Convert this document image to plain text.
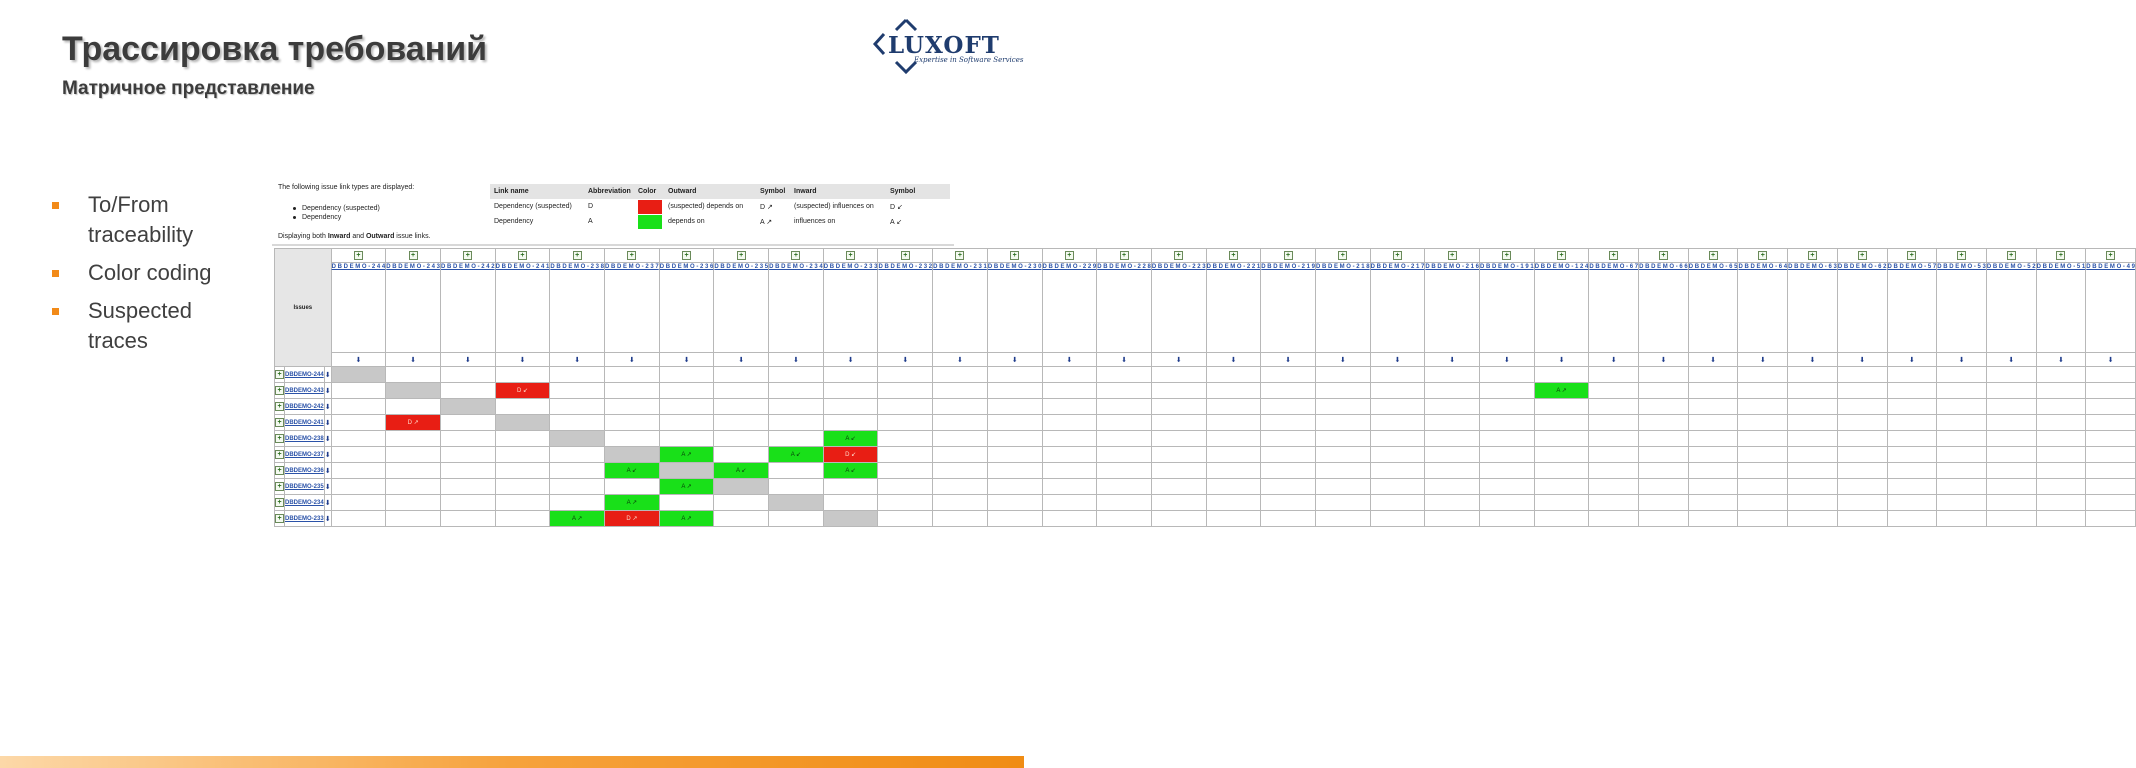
Трассировка требований
Матричное представление
LUXOFT
Expertise in Software Services
To/From traceability
Color coding
Suspected traces
The following issue link types are displayed:
Dependency (suspected)
Dependency
Displaying both Inward and Outward issue links.
Link name	Abbreviation	Color	Outward	Symbol	Inward	Symbol
Dependency (suspected)	D		(suspected) depends on	D ↗	(suspected) influences on	D ↙
Dependency	A		depends on	A ↗	influences on	A ↙
Issues			+	+	+	+	+	+	+	+	+	+	+	+	+	+	+	+	+	+	+	+	+	+	+	+	+	+	+	+	+	+	+	+	+	+
			D B D E M O - 2 4 4	D B D E M O - 2 4 3	D B D E M O - 2 4 2	D B D E M O - 2 4 1	D B D E M O - 2 3 8	D B D E M O - 2 3 7	D B D E M O - 2 3 6	D B D E M O - 2 3 5	D B D E M O - 2 3 4	D B D E M O - 2 3 3	D B D E M O - 2 3 2	D B D E M O - 2 3 1	D B D E M O - 2 3 0	D B D E M O - 2 2 9	D B D E M O - 2 2 8	D B D E M O - 2 2 3	D B D E M O - 2 2 1	D B D E M O - 2 1 9	D B D E M O - 2 1 8	D B D E M O - 2 1 7	D B D E M O - 2 1 6	D B D E M O - 1 9 1	D B D E M O - 1 2 4	D B D E M O - 6 7	D B D E M O - 6 6	D B D E M O - 6 5	D B D E M O - 6 4	D B D E M O - 6 3	D B D E M O - 6 2	D B D E M O - 5 7	D B D E M O - 5 3	D B D E M O - 5 2	D B D E M O - 5 1	D B D E M O - 4 9
			⬇	⬇	⬇	⬇	⬇	⬇	⬇	⬇	⬇	⬇	⬇	⬇	⬇	⬇	⬇	⬇	⬇	⬇	⬇	⬇	⬇	⬇	⬇	⬇	⬇	⬇	⬇	⬇	⬇	⬇	⬇	⬇	⬇	⬇
+	DBDEMO-244	⬇																																		
+	DBDEMO-243	⬇				D ↙																			A ↗											
+	DBDEMO-242	⬇																																		
+	DBDEMO-241	⬇		D ↗																																
+	DBDEMO-238	⬇										A ↙																								
+	DBDEMO-237	⬇							A ↗		A ↙	D ↙																								
+	DBDEMO-236	⬇						A ↙		A ↙		A ↙																								
+	DBDEMO-235	⬇							A ↗																											
+	DBDEMO-234	⬇						A ↗																												
+	DBDEMO-233	⬇					A ↗	D ↗	A ↗																											
